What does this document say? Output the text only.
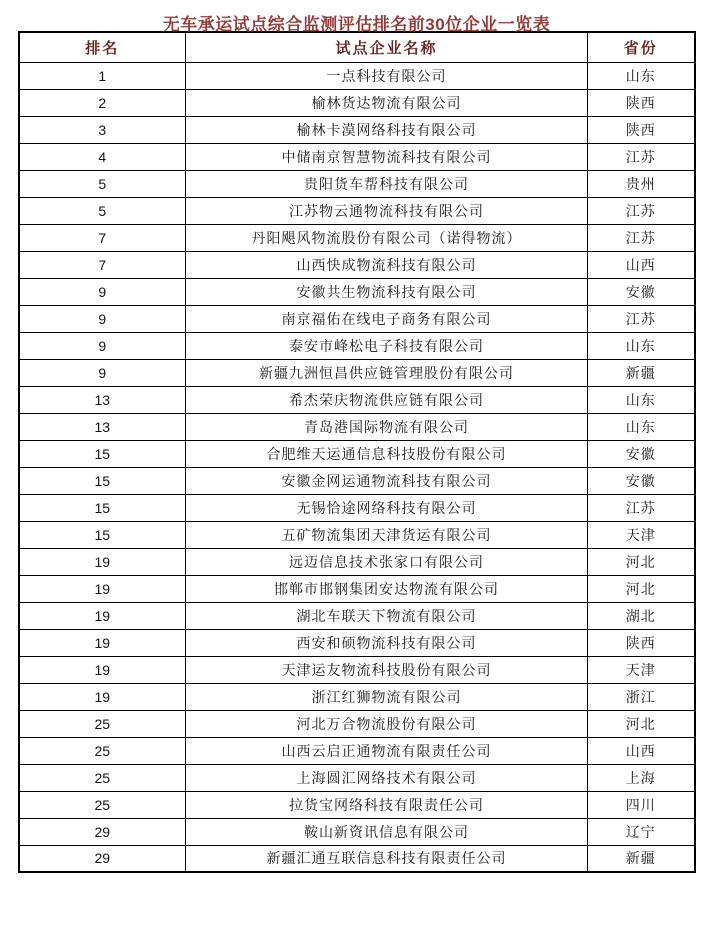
无车承运试点综合监测评估排名前30位企业一览表
排名	试点企业名称	省份
1	一点科技有限公司	山东
2	榆林货达物流有限公司	陕西
3	榆林卡漠网络科技有限公司	陕西
4	中储南京智慧物流科技有限公司	江苏
5	贵阳货车帮科技有限公司	贵州
5	江苏物云通物流科技有限公司	江苏
7	丹阳飓风物流股份有限公司（诺得物流）	江苏
7	山西快成物流科技有限公司	山西
9	安徽共生物流科技有限公司	安徽
9	南京福佑在线电子商务有限公司	江苏
9	泰安市峰松电子科技有限公司	山东
9	新疆九洲恒昌供应链管理股份有限公司	新疆
13	希杰荣庆物流供应链有限公司	山东
13	青岛港国际物流有限公司	山东
15	合肥维天运通信息科技股份有限公司	安徽
15	安徽金网运通物流科技有限公司	安徽
15	无锡恰途网络科技有限公司	江苏
15	五矿物流集团天津货运有限公司	天津
19	远迈信息技术张家口有限公司	河北
19	邯郸市邯钢集团安达物流有限公司	河北
19	湖北车联天下物流有限公司	湖北
19	西安和硕物流科技有限公司	陕西
19	天津运友物流科技股份有限公司	天津
19	浙江红狮物流有限公司	浙江
25	河北万合物流股份有限公司	河北
25	山西云启正通物流有限责任公司	山西
25	上海圆汇网络技术有限公司	上海
25	拉货宝网络科技有限责任公司	四川
29	鞍山新资讯信息有限公司	辽宁
29	新疆汇通互联信息科技有限责任公司	新疆
